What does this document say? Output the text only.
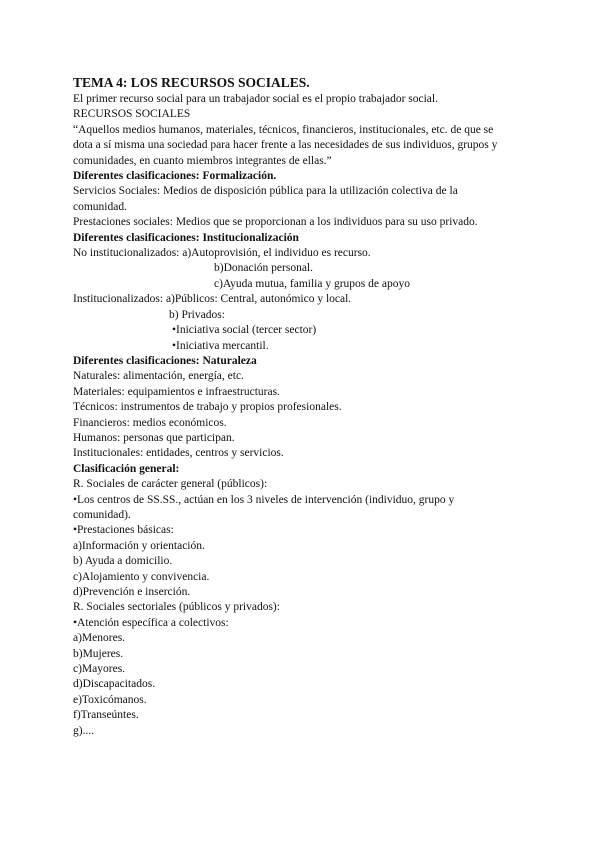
TEMA 4: LOS RECURSOS SOCIALES.
El primer recurso social para un trabajador social es el propio trabajador social.
RECURSOS SOCIALES
“Aquellos medios humanos, materiales, técnicos, financieros, institucionales, etc. de que se dota a sí misma una sociedad para hacer frente a las necesidades de sus individuos, grupos y comunidades, en cuanto miembros integrantes de ellas.”
Diferentes clasificaciones: Formalización.
Servicios Sociales: Medios de disposición pública para la utilización colectiva de la comunidad.
Prestaciones sociales: Medios que se proporcionan a los individuos para su uso privado.
Diferentes clasificaciones: Institucionalización
No institucionalizados: a)Autoprovisión, el individuo es recurso.
b)Donación personal.
c)Ayuda mutua, familia y grupos de apoyo
Institucionalizados: a)Públicos: Central, autonómico y local.
b) Privados:
•Iniciativa social (tercer sector)
•Iniciativa mercantil.
Diferentes clasificaciones: Naturaleza
Naturales: alimentación, energía, etc.
Materiales: equipamientos e infraestructuras.
Técnicos: instrumentos de trabajo y propios profesionales.
Financieros: medios económicos.
Humanos: personas que participan.
Institucionales: entidades, centros y servicios.
Clasificación general:
R. Sociales de carácter general (públicos):
•Los centros de SS.SS., actúan en los 3 niveles de intervención (individuo, grupo y comunidad).
•Prestaciones básicas:
a)Información y orientación.
b) Ayuda a domicilio.
c)Alojamiento y convivencia.
d)Prevención e inserción.
R. Sociales sectoriales (públicos y privados):
•Atención específica a colectivos:
a)Menores.
b)Mujeres.
c)Mayores.
d)Discapacitados.
e)Toxicómanos.
f)Transeúntes.
g)....
